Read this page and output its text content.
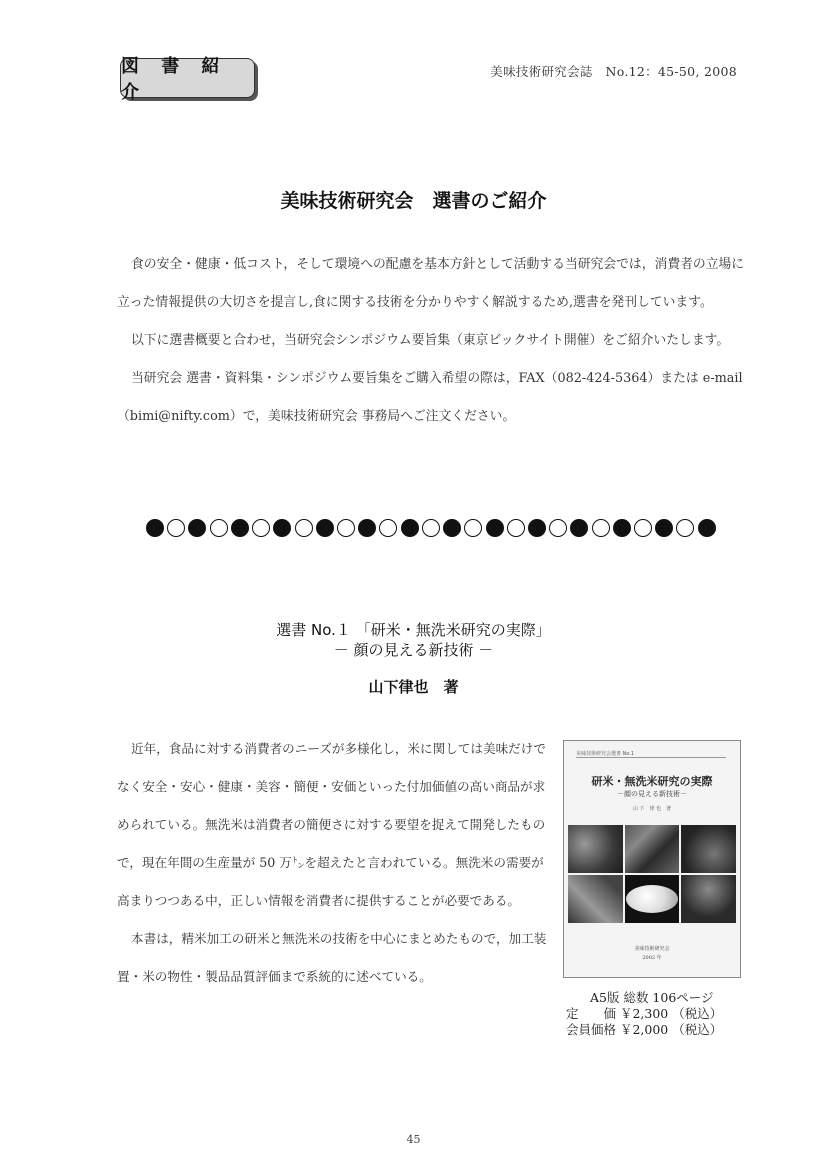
図 書 紹 介
美味技術研究会誌　No.12：45-50, 2008
美味技術研究会　選書のご紹介

食の安全・健康・低コスト，そして環境への配慮を基本方針として活動する当研究会では，消費者の立場に立った情報提供の大切さを提言し,食に関する技術を分かりやすく解説するため,選書を発刊しています。

以下に選書概要と合わせ，当研究会シンポジウム要旨集（東京ビックサイト開催）をご紹介いたします。

当研究会 選書・資料集・シンポジウム要旨集をご購入希望の際は，FAX（082-424-5364）または e-mail（bimi@nifty.com）で，美味技術研究会 事務局へご注文ください。

選書 No.１ 「研米・無洗米研究の実際」
－ 顔の見える新技術 －
山下律也　著

近年，食品に対する消費者のニーズが多様化し，米に関しては美味だけでなく安全・安心・健康・美容・簡便・安価といった付加価値の高い商品が求められている。無洗米は消費者の簡便さに対する要望を捉えて開発したもので，現在年間の生産量が 50 万㌧を超えたと言われている。無洗米の需要が高まりつつある中，正しい情報を消費者に提供することが必要である。

本書は，精米加工の研米と無洗米の技術を中心にまとめたもので，加工装置・米の物性・製品品質評価まで系統的に述べている。

美味技術研究会選書 No.1
研米・無洗米研究の実際
－顔の見える新技術－
山 下　律 也　著
美味技術研究会
2002 年
A5版 総数 106ページ
定　　価 ￥2,300 （税込）
会員価格 ￥2,000 （税込）
45
